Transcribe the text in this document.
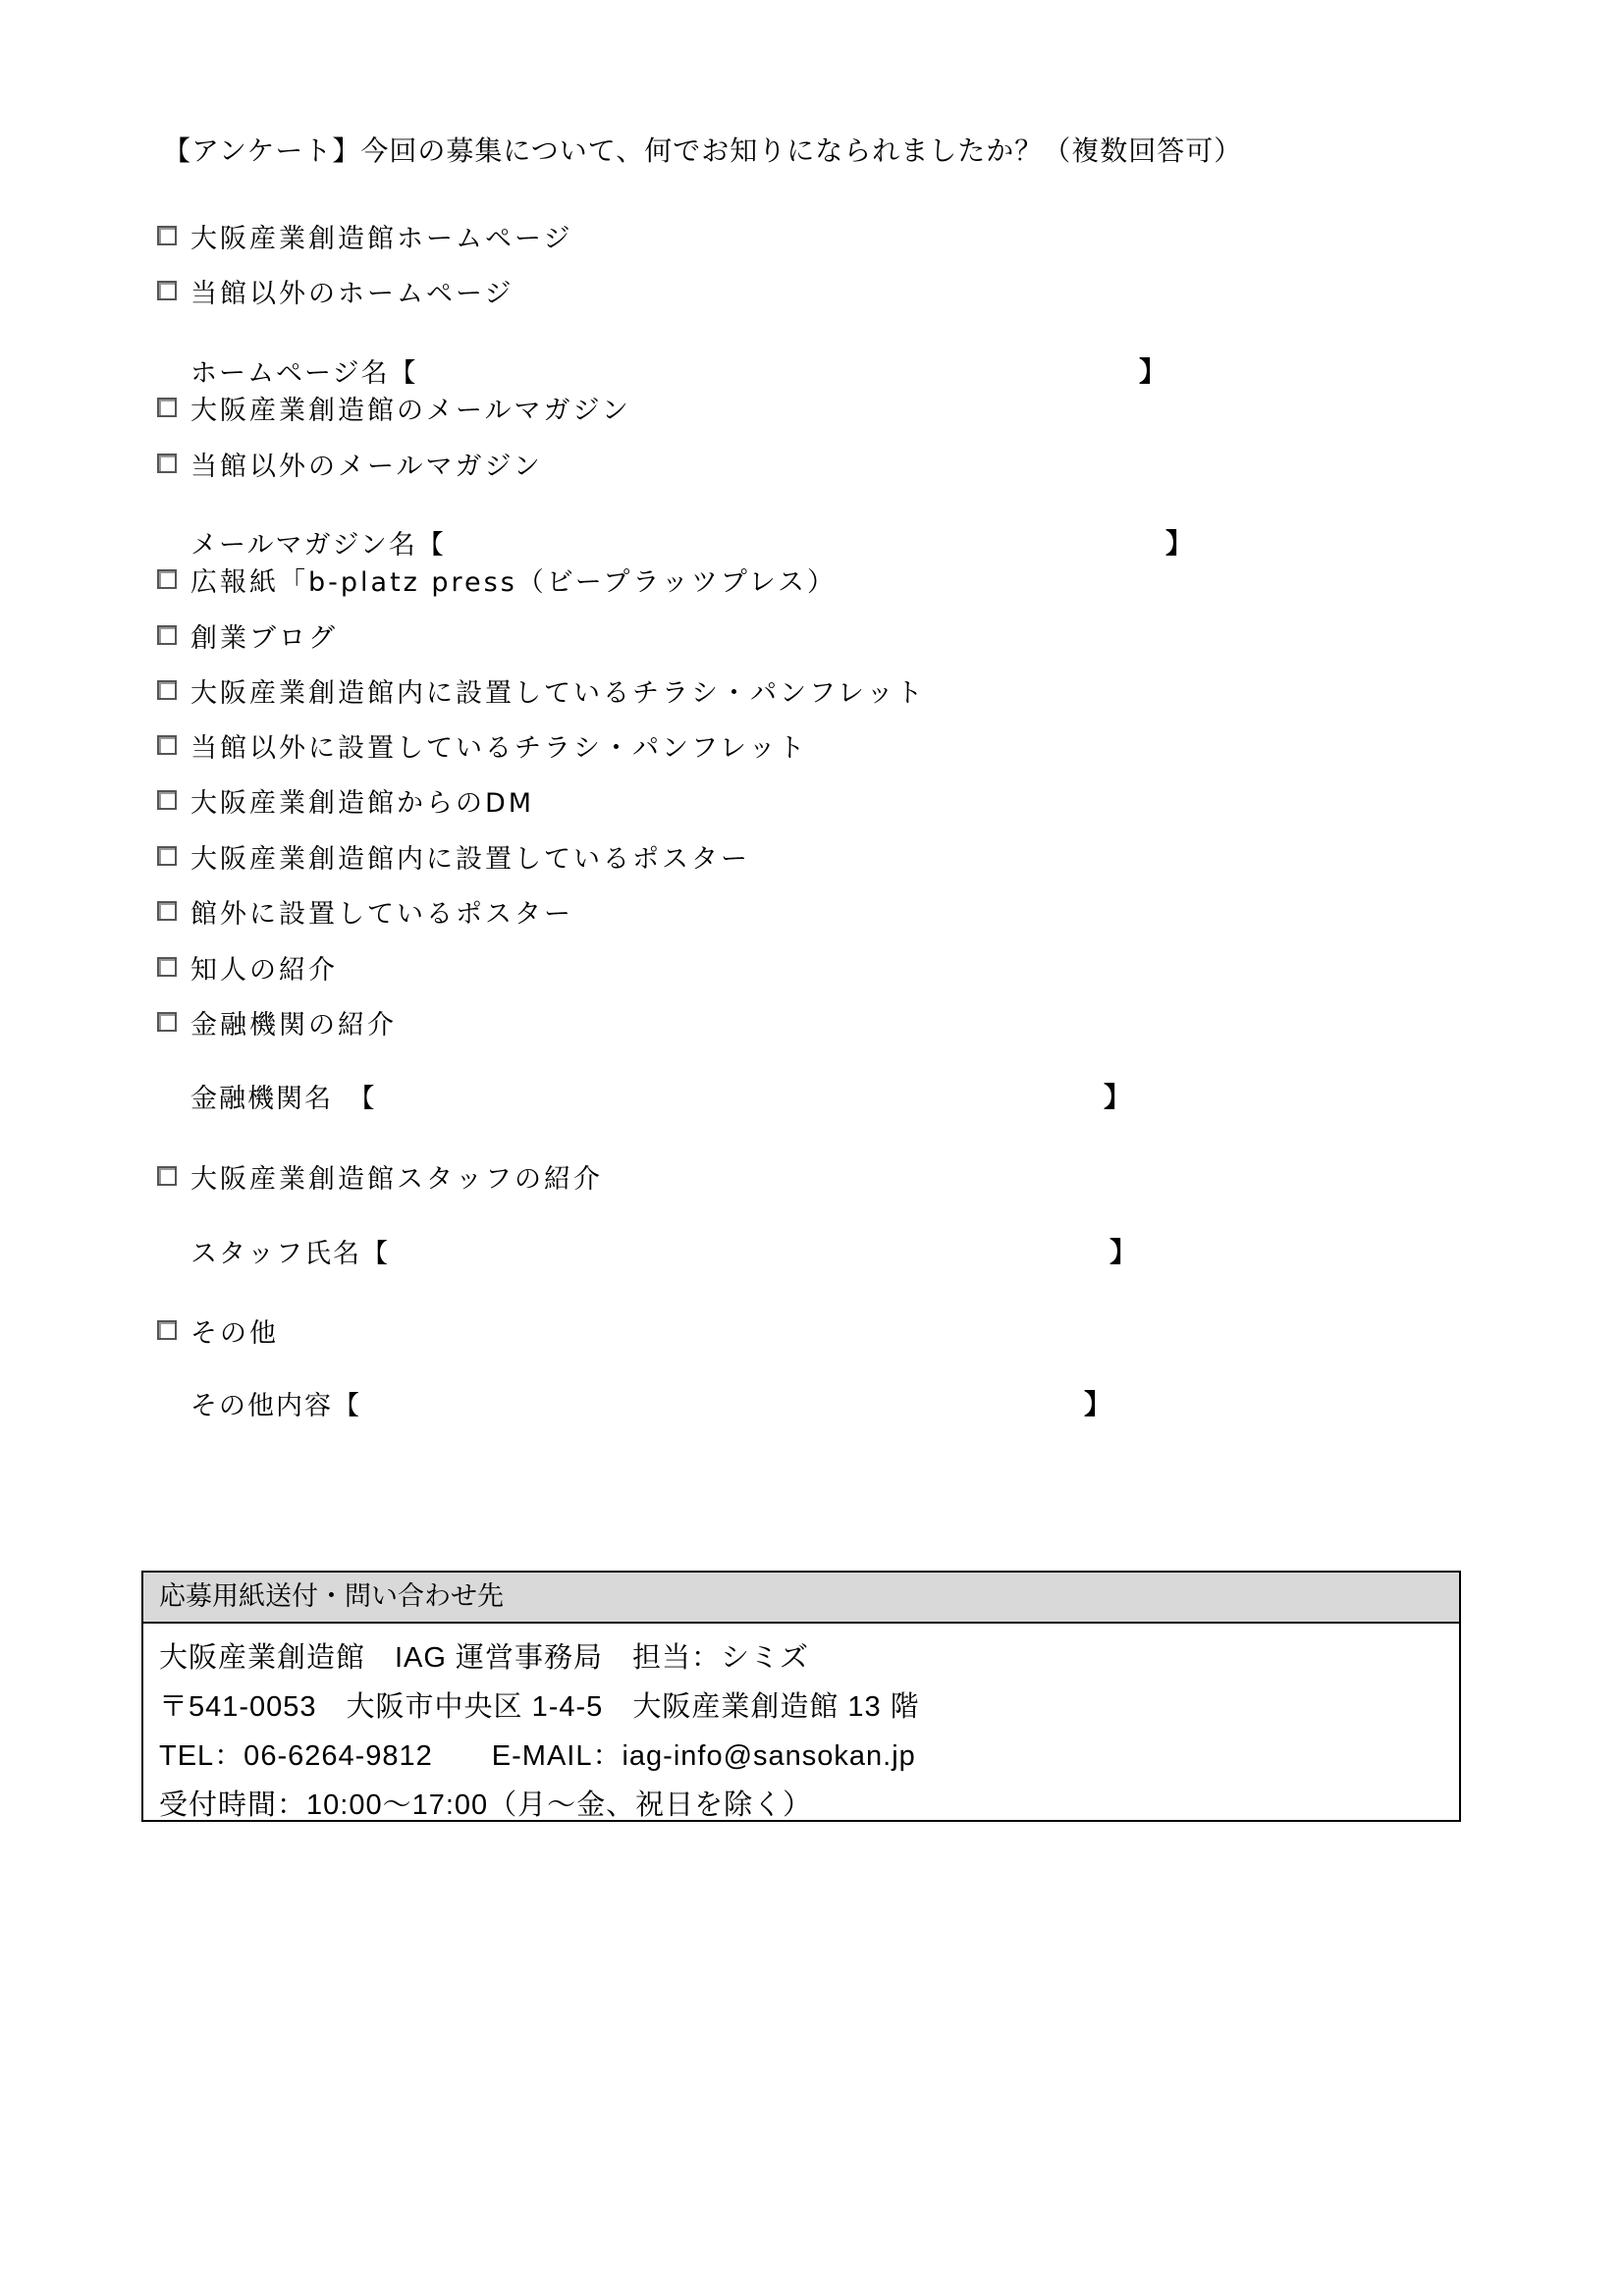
【アンケート】今回の募集について、何でお知りになられましたか？（複数回答可）
大阪産業創造館ホームページ
当館以外のホームページ
ホームページ名【	】
大阪産業創造館のメールマガジン
当館以外のメールマガジン
メールマガジン名【	】
広報紙「b-platz press（ビープラッツプレス）
創業ブログ
大阪産業創造館内に設置しているチラシ・パンフレット
当館以外に設置しているチラシ・パンフレット
大阪産業創造館からのDM
大阪産業創造館内に設置しているポスター
館外に設置しているポスター
知人の紹介
金融機関の紹介
金融機関名　【	】
大阪産業創造館スタッフの紹介
スタッフ氏名【	】
その他
その他内容【	】
応募用紙送付・問い合わせ先
大阪産業創造館　IAG 運営事務局　担当：シミズ
〒541-0053　大阪市中央区 1-4-5　大阪産業創造館 13 階
TEL：06-6264-9812　　E-MAIL：iag-info@sansokan.jp
受付時間：10:00～17:00（月～金、祝日を除く）
